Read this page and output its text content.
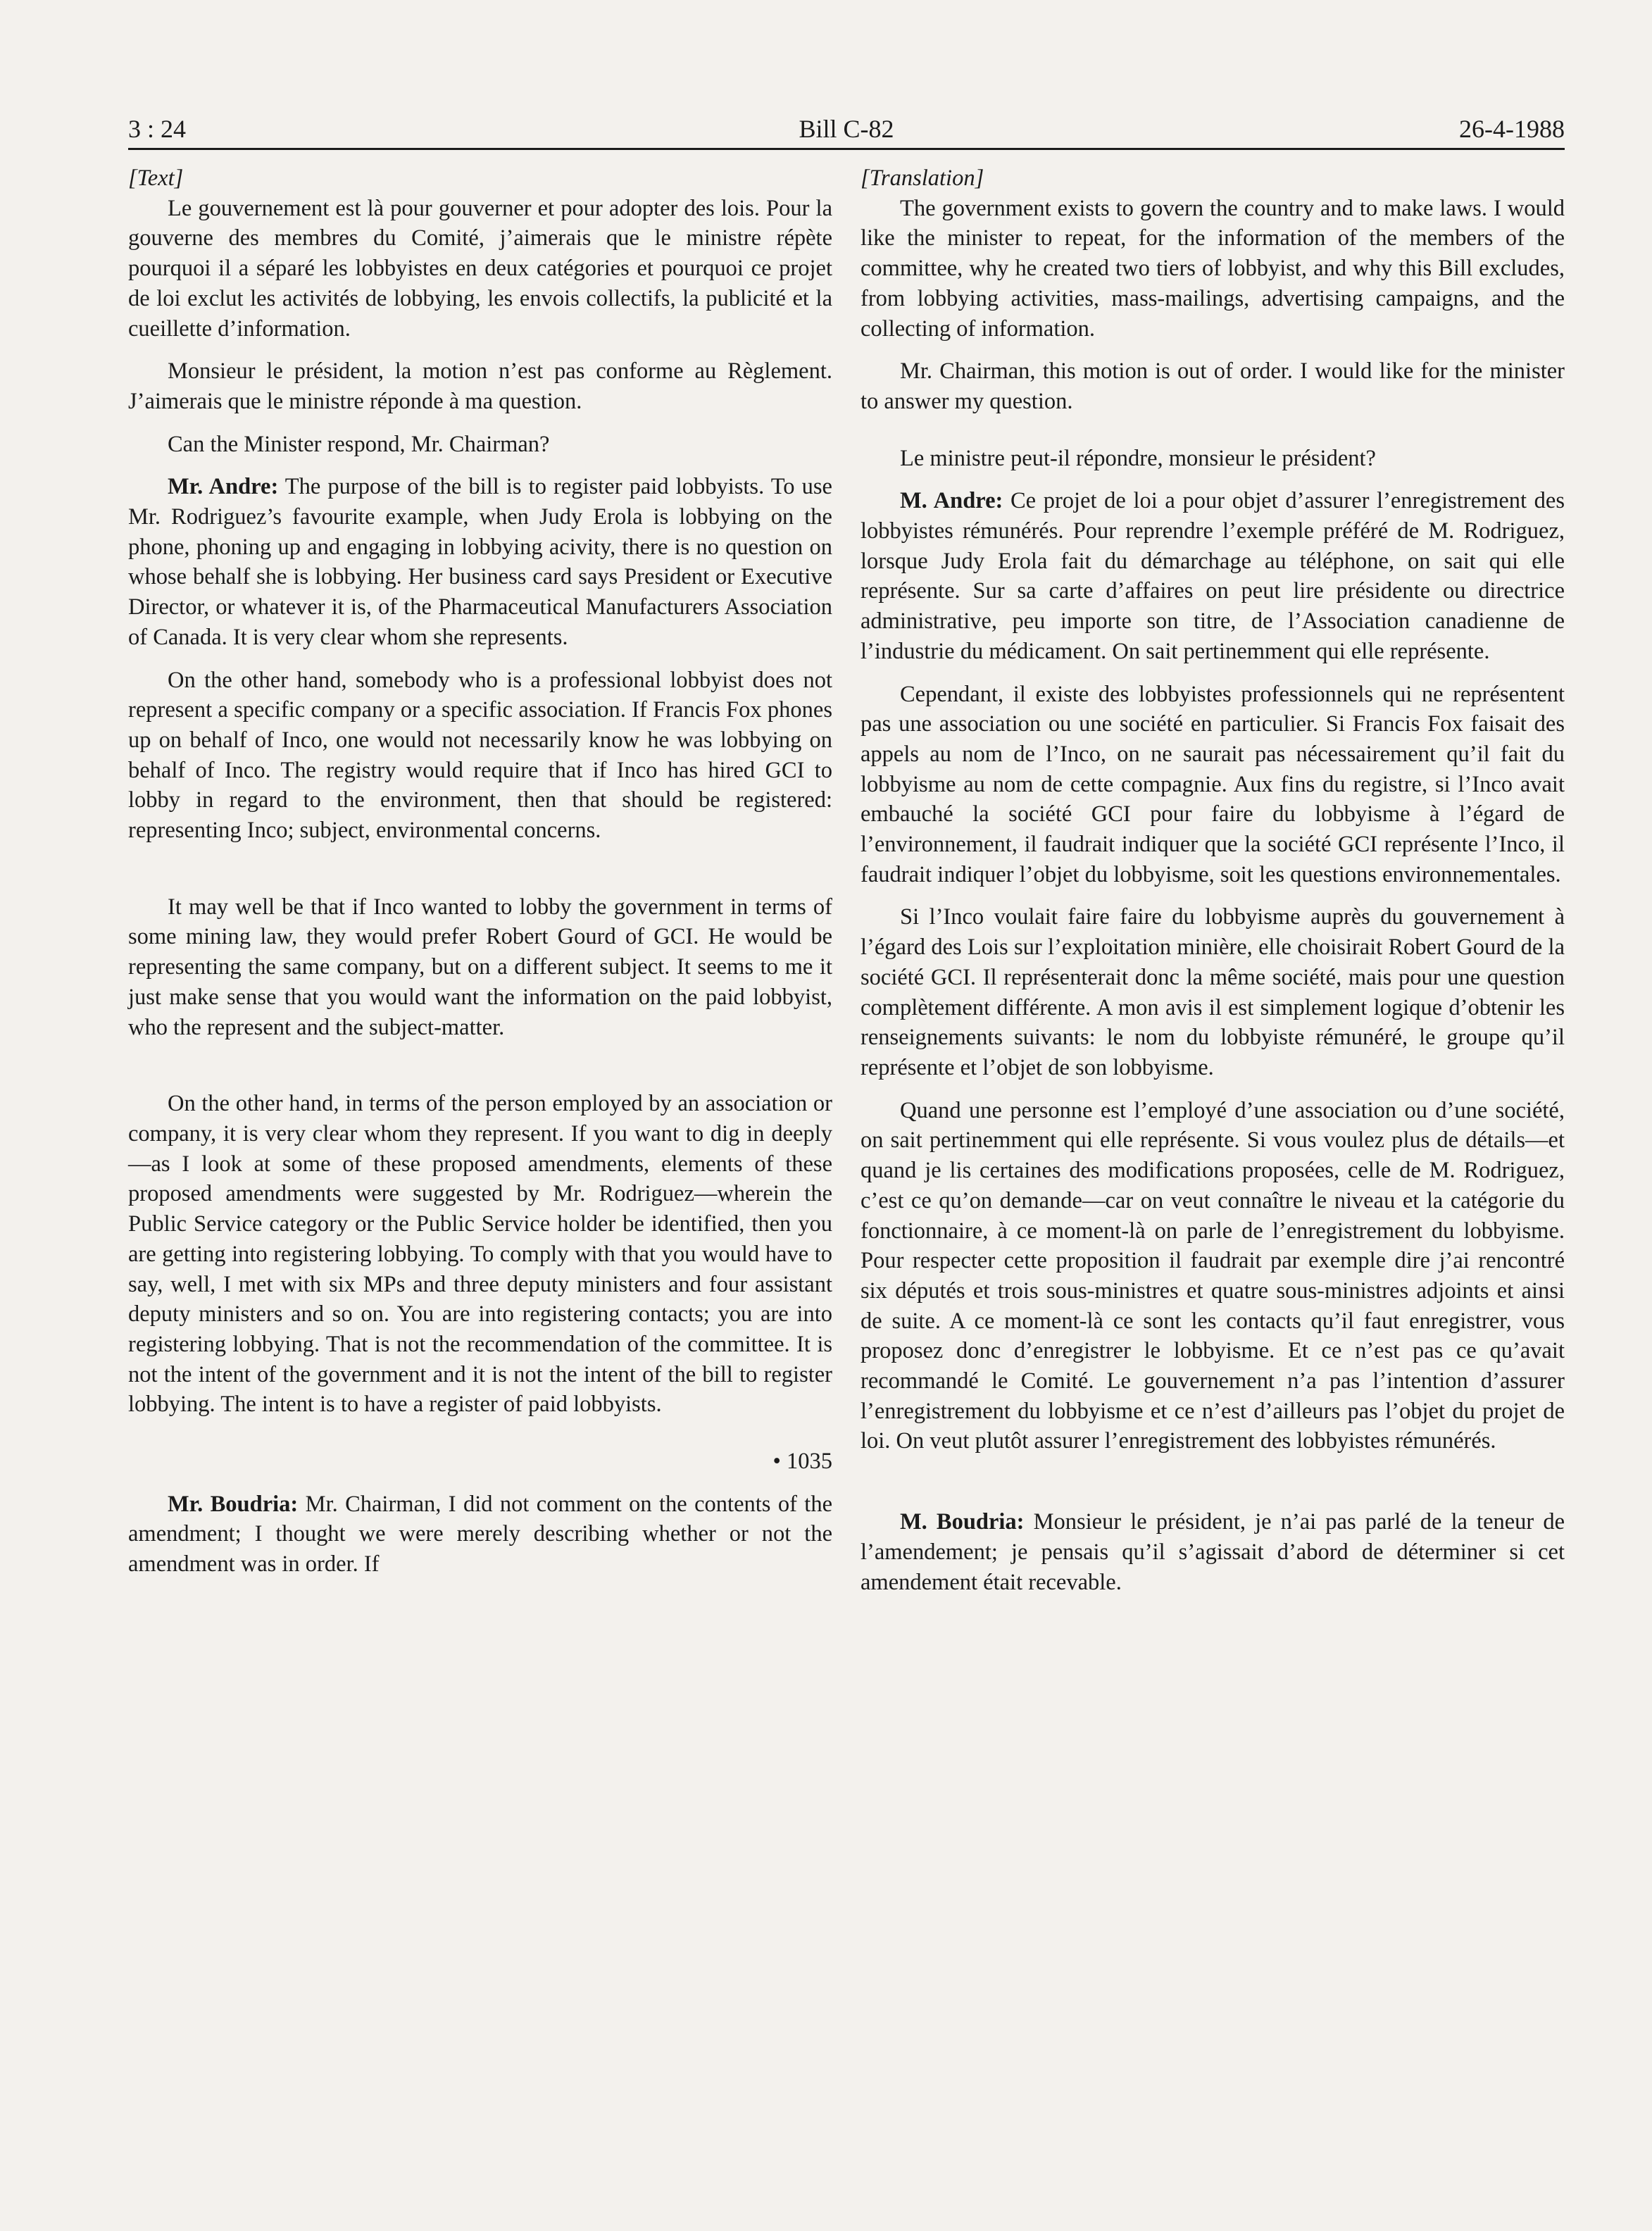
3 : 24	Bill C-82	26-4-1988

[Text]

Le gouvernement est là pour gouverner et pour adopter des lois. Pour la gouverne des membres du Comité, j’aimerais que le ministre répète pourquoi il a séparé les lobbyistes en deux catégories et pourquoi ce projet de loi exclut les activités de lobbying, les envois collectifs, la publicité et la cueillette d’information.

Monsieur le président, la motion n’est pas conforme au Règlement. J’aimerais que le ministre réponde à ma question.

Can the Minister respond, Mr. Chairman?

Mr. Andre: The purpose of the bill is to register paid lobbyists. To use Mr. Rodriguez’s favourite example, when Judy Erola is lobbying on the phone, phoning up and engaging in lobbying acivity, there is no question on whose behalf she is lobbying. Her business card says President or Executive Director, or whatever it is, of the Pharmaceutical Manufacturers Association of Canada. It is very clear whom she represents.

On the other hand, somebody who is a professional lobbyist does not represent a specific company or a specific association. If Francis Fox phones up on behalf of Inco, one would not necessarily know he was lobbying on behalf of Inco. The registry would require that if Inco has hired GCI to lobby in regard to the environment, then that should be registered: representing Inco; subject, environmental concerns.

It may well be that if Inco wanted to lobby the government in terms of some mining law, they would prefer Robert Gourd of GCI. He would be representing the same company, but on a different subject. It seems to me it just make sense that you would want the information on the paid lobbyist, who the represent and the subject-matter.

On the other hand, in terms of the person employed by an association or company, it is very clear whom they represent. If you want to dig in deeply—as I look at some of these proposed amendments, elements of these proposed amendments were suggested by Mr. Rodriguez—wherein the Public Service category or the Public Service holder be identified, then you are getting into registering lobbying. To comply with that you would have to say, well, I met with six MPs and three deputy ministers and four assistant deputy ministers and so on. You are into registering contacts; you are into registering lobbying. That is not the recommendation of the committee. It is not the intent of the government and it is not the intent of the bill to register lobbying. The intent is to have a register of paid lobbyists.

• 1035

Mr. Boudria: Mr. Chairman, I did not comment on the contents of the amendment; I thought we were merely describing whether or not the amendment was in order. If

[Translation]

The government exists to govern the country and to make laws. I would like the minister to repeat, for the information of the members of the committee, why he created two tiers of lobbyist, and why this Bill excludes, from lobbying activities, mass-mailings, advertising campaigns, and the collecting of information.

Mr. Chairman, this motion is out of order. I would like for the minister to answer my question.

Le ministre peut-il répondre, monsieur le président?

M. Andre: Ce projet de loi a pour objet d’assurer l’enregistrement des lobbyistes rémunérés. Pour reprendre l’exemple préféré de M. Rodriguez, lorsque Judy Erola fait du démarchage au téléphone, on sait qui elle représente. Sur sa carte d’affaires on peut lire présidente ou directrice administrative, peu importe son titre, de l’Association canadienne de l’industrie du médicament. On sait pertinemment qui elle représente.

Cependant, il existe des lobbyistes professionnels qui ne représentent pas une association ou une société en particulier. Si Francis Fox faisait des appels au nom de l’Inco, on ne saurait pas nécessairement qu’il fait du lobbyisme au nom de cette compagnie. Aux fins du registre, si l’Inco avait embauché la société GCI pour faire du lobbyisme à l’égard de l’environnement, il faudrait indiquer que la société GCI représente l’Inco, il faudrait indiquer l’objet du lobbyisme, soit les questions environnementales.

Si l’Inco voulait faire faire du lobbyisme auprès du gouvernement à l’égard des Lois sur l’exploitation minière, elle choisirait Robert Gourd de la société GCI. Il représenterait donc la même société, mais pour une question complètement différente. A mon avis il est simplement logique d’obtenir les renseignements suivants: le nom du lobbyiste rémunéré, le groupe qu’il représente et l’objet de son lobbyisme.

Quand une personne est l’employé d’une association ou d’une société, on sait pertinemment qui elle représente. Si vous voulez plus de détails—et quand je lis certaines des modifications proposées, celle de M. Rodriguez, c’est ce qu’on demande—car on veut connaître le niveau et la catégorie du fonctionnaire, à ce moment-là on parle de l’enregistrement du lobbyisme. Pour respecter cette proposition il faudrait par exemple dire j’ai rencontré six députés et trois sous-ministres et quatre sous-ministres adjoints et ainsi de suite. A ce moment-là ce sont les contacts qu’il faut enregistrer, vous proposez donc d’enregistrer le lobbyisme. Et ce n’est pas ce qu’avait recommandé le Comité. Le gouvernement n’a pas l’intention d’assurer l’enregistrement du lobbyisme et ce n’est d’ailleurs pas l’objet du projet de loi. On veut plutôt assurer l’enregistrement des lobbyistes rémunérés.

M. Boudria: Monsieur le président, je n’ai pas parlé de la teneur de l’amendement; je pensais qu’il s’agissait d’abord de déterminer si cet amendement était recevable.
